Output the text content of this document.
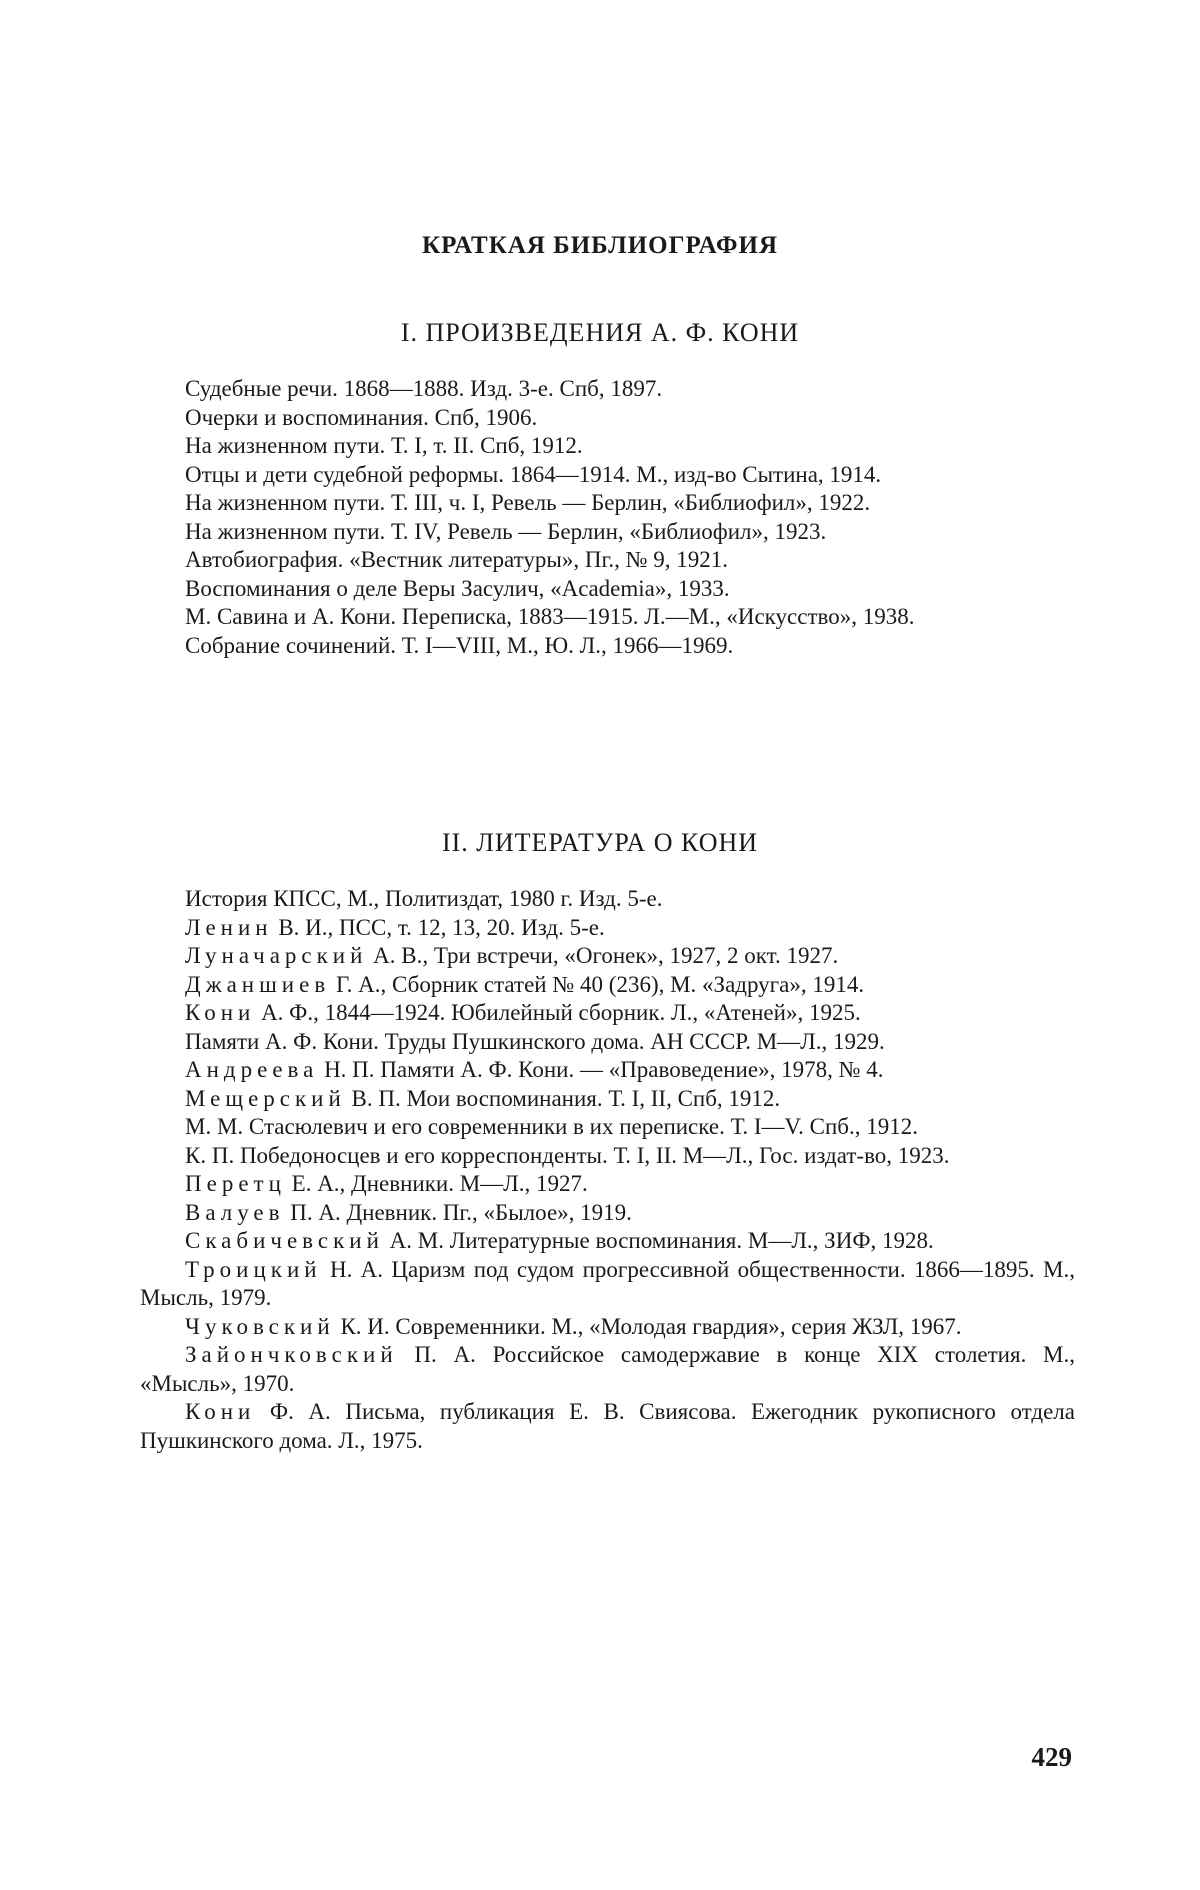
КРАТКАЯ БИБЛИОГРАФИЯ
I. ПРОИЗВЕДЕНИЯ А. Ф. КОНИ
Судебные речи. 1868—1888. Изд. 3-е. Спб, 1897.
Очерки и воспоминания. Спб, 1906.
На жизненном пути. Т. I, т. II. Спб, 1912.
Отцы и дети судебной реформы. 1864—1914. М., изд-во Сытина, 1914.
На жизненном пути. Т. III, ч. I, Ревель — Берлин, «Библиофил», 1922.
На жизненном пути. Т. IV, Ревель — Берлин, «Библиофил», 1923.
Автобиография. «Вестник литературы», Пг., № 9, 1921.
Воспоминания о деле Веры Засулич, «Academia», 1933.
М. Савина и А. Кони. Переписка, 1883—1915. Л.—М., «Искусство», 1938.
Собрание сочинений. Т. I—VIII, М., Ю. Л., 1966—1969.
II. ЛИТЕРАТУРА О КОНИ
История КПСС, М., Политиздат, 1980 г. Изд. 5-е.
Ленин В. И., ПСС, т. 12, 13, 20. Изд. 5-е.
Луначарский А. В., Три встречи, «Огонек», 1927, 2 окт. 1927.
Джаншиев Г. А., Сборник статей № 40 (236), М. «Задруга», 1914.
Кони А. Ф., 1844—1924. Юбилейный сборник. Л., «Атеней», 1925.
Памяти А. Ф. Кони. Труды Пушкинского дома. АН СССР. М—Л., 1929.
Андреева Н. П. Памяти А. Ф. Кони. — «Правоведение», 1978, № 4.
Мещерский В. П. Мои воспоминания. Т. I, II, Спб, 1912.
М. М. Стасюлевич и его современники в их переписке. Т. I—V. Спб., 1912.
К. П. Победоносцев и его корреспонденты. Т. I, II. М—Л., Гос. издат-во, 1923.
Перетц Е. А., Дневники. М—Л., 1927.
Валуев П. А. Дневник. Пг., «Былое», 1919.
Скабичевский А. М. Литературные воспоминания. М—Л., ЗИФ, 1928.
Троицкий Н. А. Царизм под судом прогрессивной общественности. 1866—1895. М., Мысль, 1979.
Чуковский К. И. Современники. М., «Молодая гвардия», серия ЖЗЛ, 1967.
Зайончковский П. А. Российское самодержавие в конце XIX столетия. М., «Мысль», 1970.
Кони Ф. А. Письма, публикация Е. В. Свиясова. Ежегодник рукописного отдела Пушкинского дома. Л., 1975.
429
